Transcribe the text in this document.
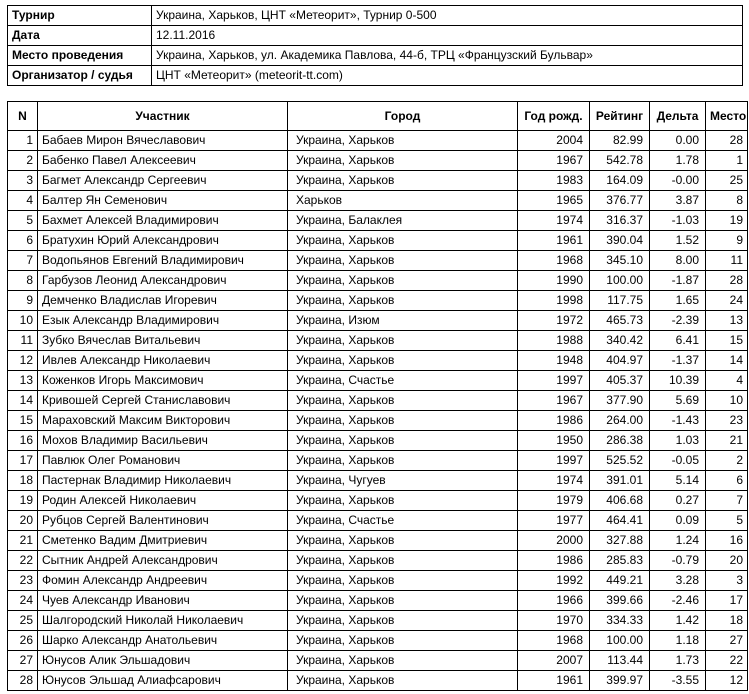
Турнир	Украина, Харьков, ЦНТ «Метеорит», Турнир 0-500
Дата	12.11.2016
Место проведения	Украина, Харьков, ул. Академика Павлова, 44-б, ТРЦ «Французский Бульвар»
Организатор / судья	ЦНТ «Метеорит» (meteorit-tt.com)
N	Участник	Город	Год рожд.	Рейтинг	Дельта	Место
1	Бабаев Мирон Вячеславович	Украина, Харьков	2004	82.99	0.00	28
2	Бабенко Павел Алексеевич	Украина, Харьков	1967	542.78	1.78	1
3	Багмет Александр Сергеевич	Украина, Харьков	1983	164.09	-0.00	25
4	Балтер Ян Семенович	Харьков	1965	376.77	3.87	8
5	Бахмет Алексей Владимирович	Украина, Балаклея	1974	316.37	-1.03	19
6	Братухин Юрий Александрович	Украина, Харьков	1961	390.04	1.52	9
7	Водопьянов Евгений Владимирович	Украина, Харьков	1968	345.10	8.00	11
8	Гарбузов Леонид Александрович	Украина, Харьков	1990	100.00	-1.87	28
9	Демченко Владислав Игоревич	Украина, Харьков	1998	117.75	1.65	24
10	Езык Александр Владимирович	Украина, Изюм	1972	465.73	-2.39	13
11	Зубко Вячеслав Витальевич	Украина, Харьков	1988	340.42	6.41	15
12	Ивлев Александр Николаевич	Украина, Харьков	1948	404.97	-1.37	14
13	Коженков Игорь Максимович	Украина, Счастье	1997	405.37	10.39	4
14	Кривошей Сергей Станиславович	Украина, Харьков	1967	377.90	5.69	10
15	Мараховский Максим Викторович	Украина, Харьков	1986	264.00	-1.43	23
16	Мохов Владимир Васильевич	Украина, Харьков	1950	286.38	1.03	21
17	Павлюк Олег Романович	Украина, Харьков	1997	525.52	-0.05	2
18	Пастернак Владимир Николаевич	Украина, Чугуев	1974	391.01	5.14	6
19	Родин Алексей Николаевич	Украина, Харьков	1979	406.68	0.27	7
20	Рубцов Сергей Валентинович	Украина, Счастье	1977	464.41	0.09	5
21	Сметенко Вадим Дмитриевич	Украина, Харьков	2000	327.88	1.24	16
22	Сытник Андрей Александрович	Украина, Харьков	1986	285.83	-0.79	20
23	Фомин Александр Андреевич	Украина, Харьков	1992	449.21	3.28	3
24	Чуев Александр Иванович	Украина, Харьков	1966	399.66	-2.46	17
25	Шалгородский Николай Николаевич	Украина, Харьков	1970	334.33	1.42	18
26	Шарко Александр Анатольевич	Украина, Харьков	1968	100.00	1.18	27
27	Юнусов Алик Эльшадович	Украина, Харьков	2007	113.44	1.73	22
28	Юнусов Эльшад Алиафсарович	Украина, Харьков	1961	399.97	-3.55	12
